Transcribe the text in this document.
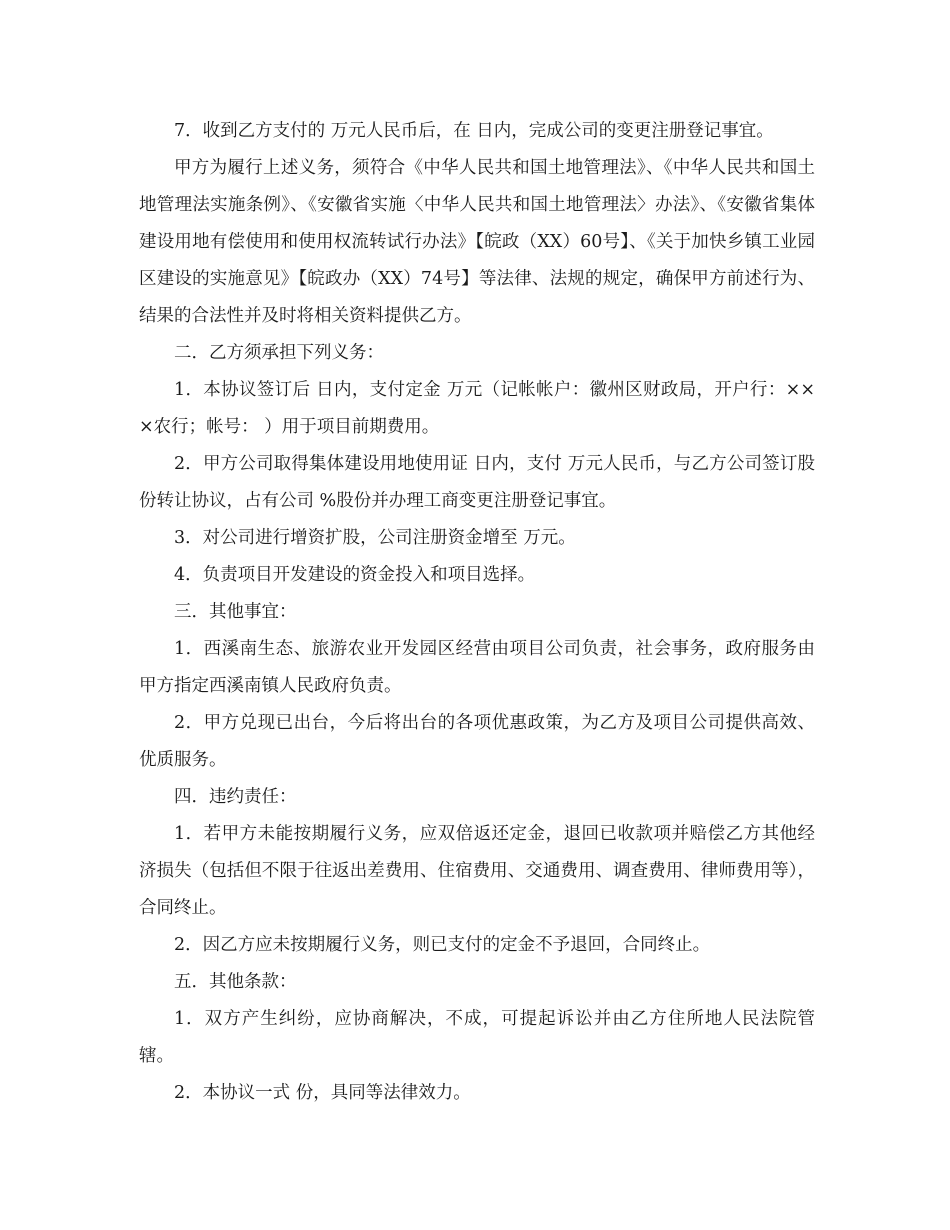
7．收到乙方支付的 万元人民币后，在 日内，完成公司的变更注册登记事宜。

甲方为履行上述义务，须符合《中华人民共和国土地管理法》、《中华人民共和国土地管理法实施条例》、《安徽省实施〈中华人民共和国土地管理法〉办法》、《安徽省集体建设用地有偿使用和使用权流转试行办法》【皖政（XX）60号】、《关于加快乡镇工业园区建设的实施意见》【皖政办（XX）74号】等法律、法规的规定，确保甲方前述行为、结果的合法性并及时将相关资料提供乙方。

二．乙方须承担下列义务：

1．本协议签订后 日内，支付定金 万元（记帐帐户：徽州区财政局，开户行：×××农行；帐号： ）用于项目前期费用。

2．甲方公司取得集体建设用地使用证 日内，支付 万元人民币，与乙方公司签订股份转让协议，占有公司 %股份并办理工商变更注册登记事宜。

3．对公司进行增资扩股，公司注册资金增至 万元。

4．负责项目开发建设的资金投入和项目选择。

三．其他事宜：

1．西溪南生态、旅游农业开发园区经营由项目公司负责，社会事务，政府服务由甲方指定西溪南镇人民政府负责。

2．甲方兑现已出台，今后将出台的各项优惠政策，为乙方及项目公司提供高效、优质服务。

四．违约责任：

1．若甲方未能按期履行义务，应双倍返还定金，退回已收款项并赔偿乙方其他经济损失（包括但不限于往返出差费用、住宿费用、交通费用、调查费用、律师费用等），合同终止。

2．因乙方应未按期履行义务，则已支付的定金不予退回，合同终止。

五．其他条款：

1．双方产生纠纷，应协商解决，不成，可提起诉讼并由乙方住所地人民法院管辖。

2．本协议一式 份，具同等法律效力。
